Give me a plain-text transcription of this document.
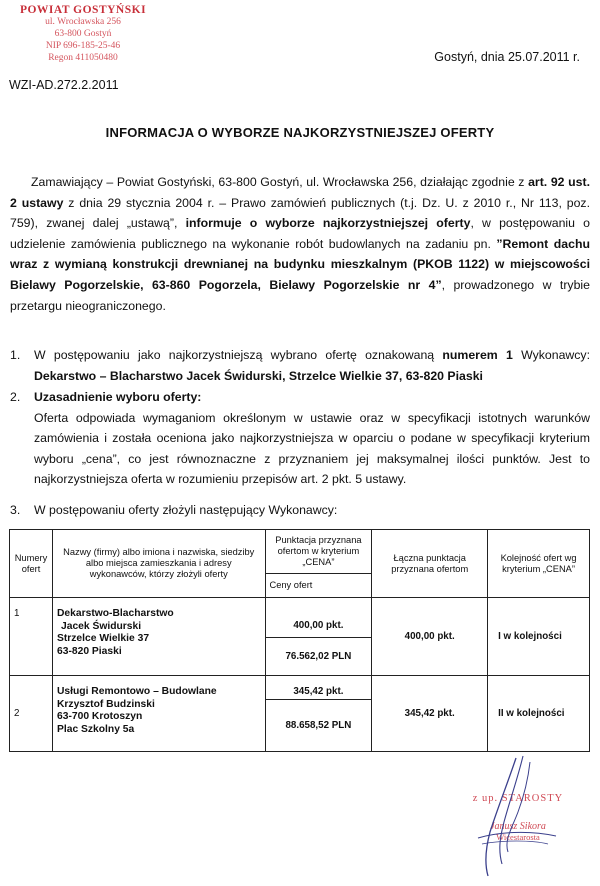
POWIAT GOSTYŃSKI
ul. Wrocławska 256
63-800 Gostyń
NIP 696-185-25-46
Regon 411050480	Gostyń, dnia 25.07.2011 r.
WZI-AD.272.2.2011
INFORMACJA O WYBORZE NAJKORZYSTNIEJSZEJ OFERTY
Zamawiający – Powiat Gostyński, 63-800 Gostyń, ul. Wrocławska 256, działając zgodnie z art. 92 ust. 2 ustawy z dnia 29 stycznia 2004 r. – Prawo zamówień publicznych (t.j. Dz. U. z 2010 r., Nr 113, poz. 759), zwanej dalej „ustawą”, informuje o wyborze najkorzystniejszej oferty, w postępowaniu o udzielenie zamówienia publicznego na wykonanie robót budowlanych na zadaniu pn. ”Remont dachu wraz z wymianą konstrukcji drewnianej na budynku mieszkalnym (PKOB 1122) w miejscowości Bielawy Pogorzelskie, 63-860 Pogorzela, Bielawy Pogorzelskie nr 4”, prowadzonego w trybie przetargu nieograniczonego.
1. W postępowaniu jako najkorzystniejszą wybrano ofertę oznakowaną numerem 1 Wykonawcy: Dekarstwo – Blacharstwo Jacek Świdurski, Strzelce Wielkie 37, 63-820 Piaski
2. Uzasadnienie wyboru oferty:
Oferta odpowiada wymaganiom określonym w ustawie oraz w specyfikacji istotnych warunków zamówienia i została oceniona jako najkorzystniejsza w oparciu o podane w specyfikacji kryterium wyboru „cena”, co jest równoznaczne z przyznaniem jej maksymalnej ilości punktów. Jest to najkorzystniejsza oferta w rozumieniu przepisów art. 2 pkt. 5 ustawy.
3. W postępowaniu oferty złożyli następujący Wykonawcy:
Numery ofert	Nazwy (firmy) albo imiona i nazwiska, siedziby albo miejsca zamieszkania i adresy wykonawców, którzy złożyli oferty	Punktacja przyznana ofertom w kryterium „CENA”	Łączna punktacja przyznana ofertom	Kolejność ofert wg kryterium „CENA”
		Ceny ofert		
1	Dekarstwo-Blacharstwo
Jacek Świdurski
Strzelce Wielkie 37
63-820 Piaski	400,00 pkt.	400,00 pkt.	I w kolejności
		76.562,02 PLN		
2	Usługi Remontowo – Budowlane
Krzysztof Budzinski
63-700 Krotoszyn
Plac Szkolny 5a	345,42 pkt.	345,42 pkt.	II w kolejności
		88.658,52 PLN		
z up. STAROSTY
Janusz Sikora
Wicestarosta
